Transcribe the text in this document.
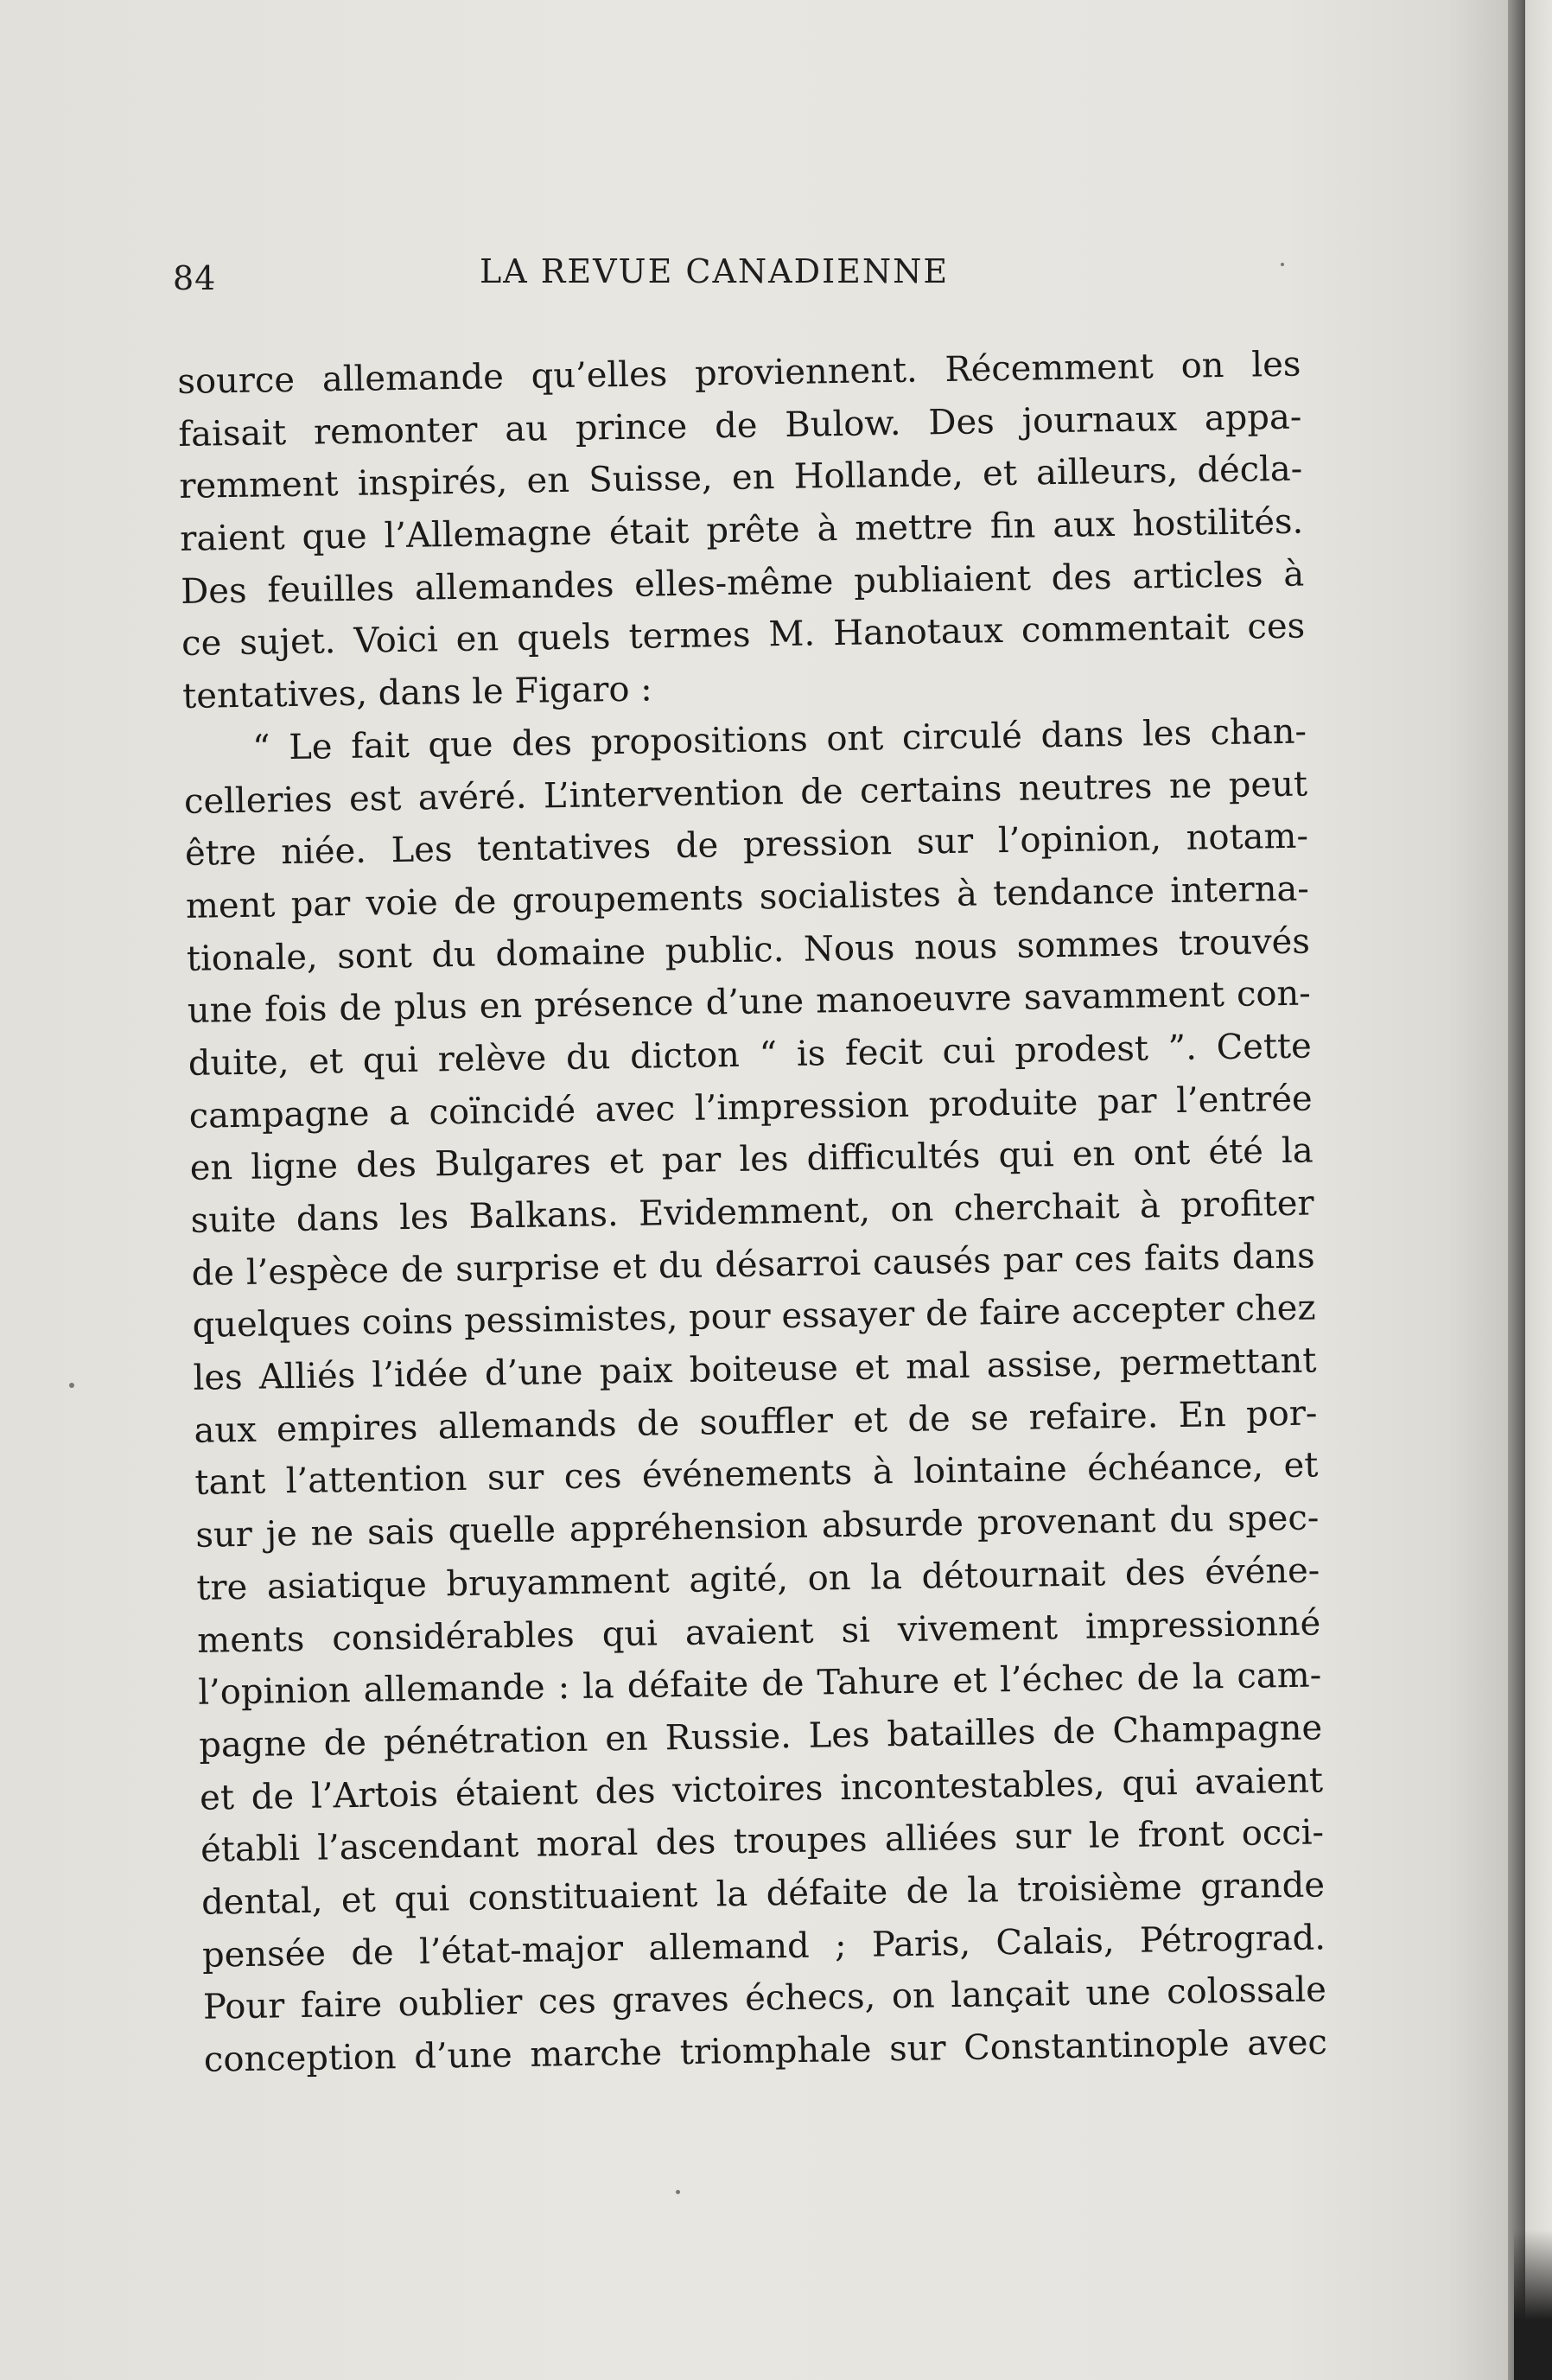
84	LA REVUE CANADIENNE
source allemande qu’elles proviennent. Récemment on les
faisait remonter au prince de Bulow. Des journaux appa-
remment inspirés, en Suisse, en Hollande, et ailleurs, décla-
raient que l’Allemagne était prête à mettre fin aux hostilités.
Des feuilles allemandes elles-même publiaient des articles à
ce sujet. Voici en quels termes M. Hanotaux commentait ces
tentatives, dans le Figaro :
“ Le fait que des propositions ont circulé dans les chan-
celleries est avéré. L’intervention de certains neutres ne peut
être niée. Les tentatives de pression sur l’opinion, notam-
ment par voie de groupements socialistes à tendance interna-
tionale, sont du domaine public. Nous nous sommes trouvés
une fois de plus en présence d’une manoeuvre savamment con-
duite, et qui relève du dicton “ is fecit cui prodest ”. Cette
campagne a coïncidé avec l’impression produite par l’entrée
en ligne des Bulgares et par les difficultés qui en ont été la
suite dans les Balkans. Evidemment, on cherchait à profiter
de l’espèce de surprise et du désarroi causés par ces faits dans
quelques coins pessimistes, pour essayer de faire accepter chez
les Alliés l’idée d’une paix boiteuse et mal assise, permettant
aux empires allemands de souffler et de se refaire. En por-
tant l’attention sur ces événements à lointaine échéance, et
sur je ne sais quelle appréhension absurde provenant du spec-
tre asiatique bruyamment agité, on la détournait des événe-
ments considérables qui avaient si vivement impressionné
l’opinion allemande : la défaite de Tahure et l’échec de la cam-
pagne de pénétration en Russie. Les batailles de Champagne
et de l’Artois étaient des victoires incontestables, qui avaient
établi l’ascendant moral des troupes alliées sur le front occi-
dental, et qui constituaient la défaite de la troisième grande
pensée de l’état-major allemand ; Paris, Calais, Pétrograd.
Pour faire oublier ces graves échecs, on lançait une colossale
conception d’une marche triomphale sur Constantinople avec
